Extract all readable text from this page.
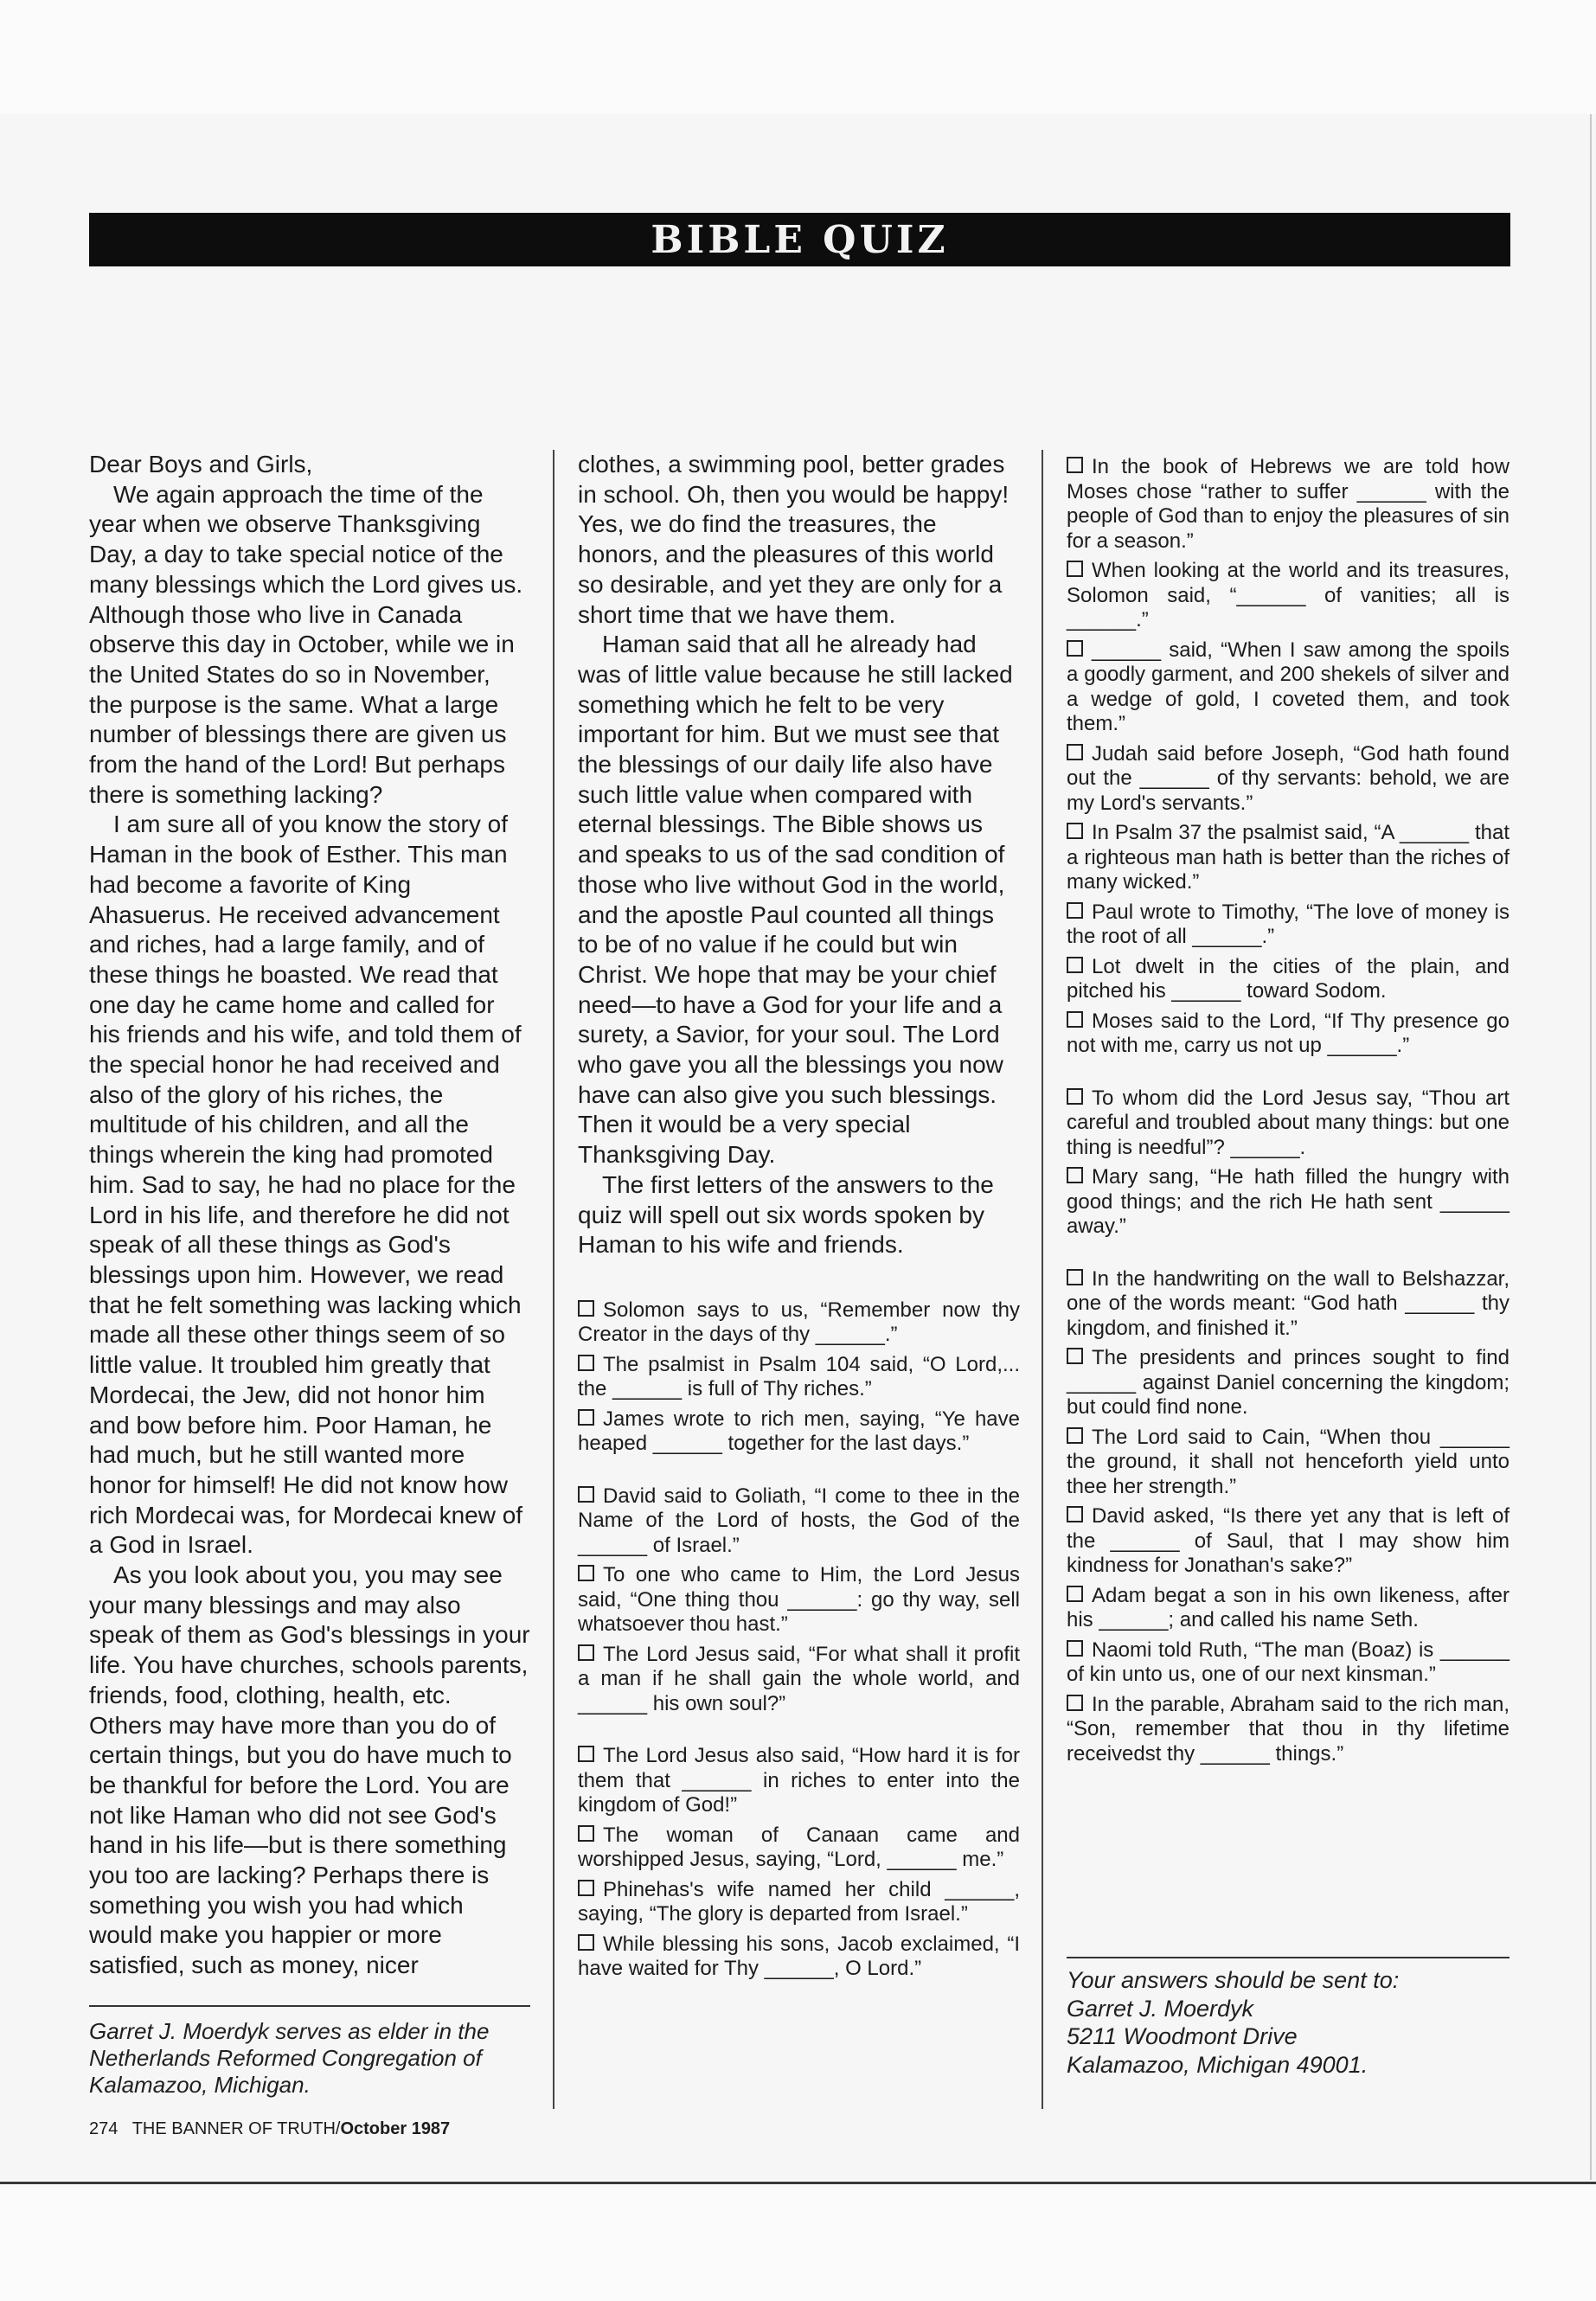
BIBLE QUIZ

Dear Boys and Girls,

We again approach the time of the year when we observe Thanksgiving Day, a day to take special notice of the many blessings which the Lord gives us. Although those who live in Canada observe this day in October, while we in the United States do so in November, the purpose is the same. What a large number of blessings there are given us from the hand of the Lord! But perhaps there is something lacking?

I am sure all of you know the story of Haman in the book of Esther. This man had become a favorite of King Ahasuerus. He received advancement and riches, had a large family, and of these things he boasted. We read that one day he came home and called for his friends and his wife, and told them of the special honor he had received and also of the glory of his riches, the multitude of his children, and all the things wherein the king had promoted him. Sad to say, he had no place for the Lord in his life, and therefore he did not speak of all these things as God's blessings upon him. However, we read that he felt something was lacking which made all these other things seem of so little value. It troubled him greatly that Mordecai, the Jew, did not honor him and bow before him. Poor Haman, he had much, but he still wanted more honor for himself! He did not know how rich Mordecai was, for Mordecai knew of a God in Israel.

As you look about you, you may see your many blessings and may also speak of them as God's blessings in your life. You have churches, schools parents, friends, food, clothing, health, etc. Others may have more than you do of certain things, but you do have much to be thankful for before the Lord. You are not like Haman who did not see God's hand in his life—but is there something you too are lacking? Perhaps there is something you wish you had which would make you happier or more satisfied, such as money, nicer

Garret J. Moerdyk serves as elder in the Netherlands Reformed Congregation of Kalamazoo, Michigan.
274 THE BANNER OF TRUTH/October 1987

clothes, a swimming pool, better grades in school. Oh, then you would be happy! Yes, we do find the treasures, the honors, and the pleasures of this world so desirable, and yet they are only for a short time that we have them.

Haman said that all he already had was of little value because he still lacked something which he felt to be very important for him. But we must see that the blessings of our daily life also have such little value when compared with eternal blessings. The Bible shows us and speaks to us of the sad condition of those who live without God in the world, and the apostle Paul counted all things to be of no value if he could but win Christ. We hope that may be your chief need—to have a God for your life and a surety, a Savior, for your soul. The Lord who gave you all the blessings you now have can also give you such blessings. Then it would be a very special Thanksgiving Day.

The first letters of the answers to the quiz will spell out six words spoken by Haman to his wife and friends.

Solomon says to us, “Remember now thy Creator in the days of thy ______.”

The psalmist in Psalm 104 said, “O Lord,... the ______ is full of Thy riches.”

James wrote to rich men, saying, “Ye have heaped ______ together for the last days.”

David said to Goliath, “I come to thee in the Name of the Lord of hosts, the God of the ______ of Israel.”

To one who came to Him, the Lord Jesus said, “One thing thou ______: go thy way, sell whatsoever thou hast.”

The Lord Jesus said, “For what shall it profit a man if he shall gain the whole world, and ______ his own soul?”

The Lord Jesus also said, “How hard it is for them that ______ in riches to enter into the kingdom of God!”

The woman of Canaan came and worshipped Jesus, saying, “Lord, ______ me.”

Phinehas's wife named her child ______, saying, “The glory is departed from Israel.”

While blessing his sons, Jacob exclaimed, “I have waited for Thy ______, O Lord.”

In the book of Hebrews we are told how Moses chose “rather to suffer ______ with the people of God than to enjoy the pleasures of sin for a season.”

When looking at the world and its treasures, Solomon said, “______ of vanities; all is ______.”

______ said, “When I saw among the spoils a goodly garment, and 200 shekels of silver and a wedge of gold, I coveted them, and took them.”

Judah said before Joseph, “God hath found out the ______ of thy servants: behold, we are my Lord's servants.”

In Psalm 37 the psalmist said, “A ______ that a righteous man hath is better than the riches of many wicked.”

Paul wrote to Timothy, “The love of money is the root of all ______.”

Lot dwelt in the cities of the plain, and pitched his ______ toward Sodom.

Moses said to the Lord, “If Thy presence go not with me, carry us not up ______.”

To whom did the Lord Jesus say, “Thou art careful and troubled about many things: but one thing is needful”? ______.

Mary sang, “He hath filled the hungry with good things; and the rich He hath sent ______ away.”

In the handwriting on the wall to Belshazzar, one of the words meant: “God hath ______ thy kingdom, and finished it.”

The presidents and princes sought to find ______ against Daniel concerning the kingdom; but could find none.

The Lord said to Cain, “When thou ______ the ground, it shall not henceforth yield unto thee her strength.”

David asked, “Is there yet any that is left of the ______ of Saul, that I may show him kindness for Jonathan's sake?”

Adam begat a son in his own likeness, after his ______; and called his name Seth.

Naomi told Ruth, “The man (Boaz) is ______ of kin unto us, one of our next kinsman.”

In the parable, Abraham said to the rich man, “Son, remember that thou in thy lifetime receivedst thy ______ things.”

Your answers should be sent to:
Garret J. Moerdyk
5211 Woodmont Drive
Kalamazoo, Michigan 49001.
